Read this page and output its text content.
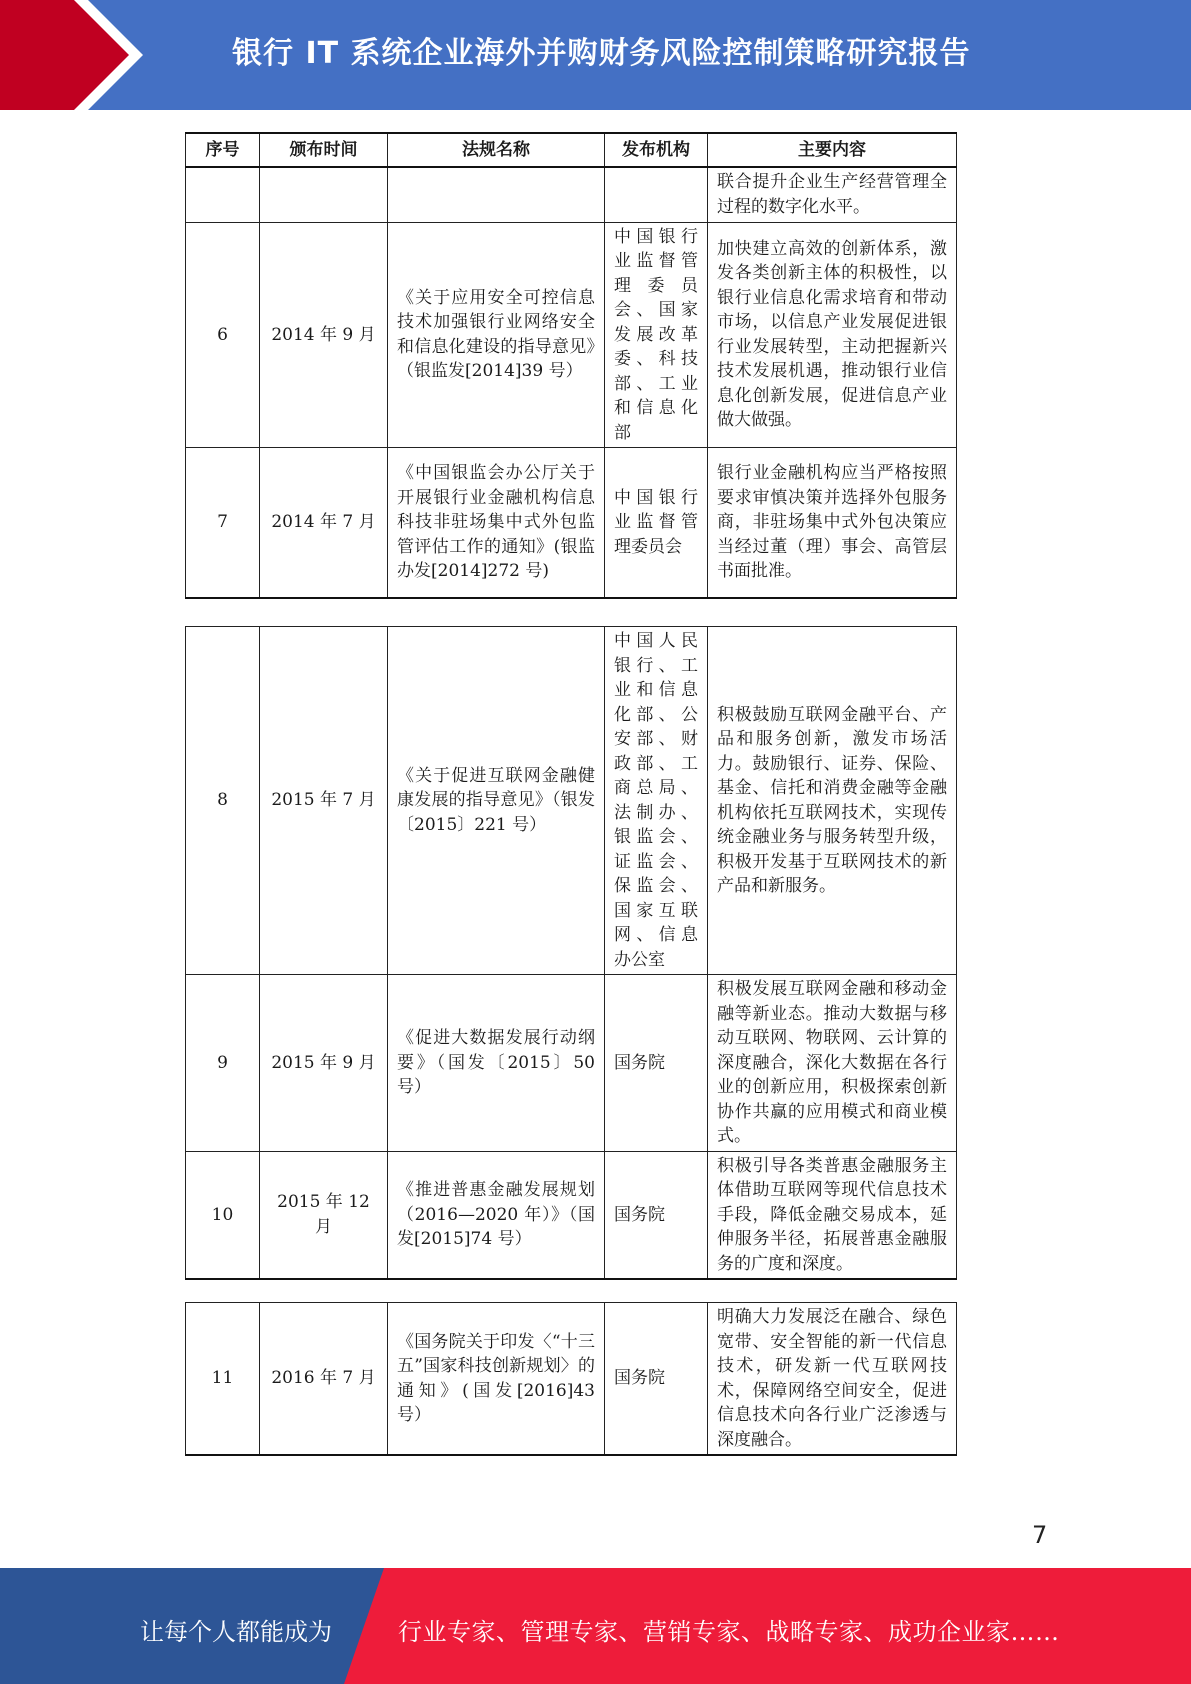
银行 IT 系统企业海外并购财务风险控制策略研究报告
序号	颁布时间	法规名称	发布机构	主要内容
				联合提升企业生产经营管理全过程的数字化水平。
6	2014 年 9 月	《关于应用安全可控信息技术加强银行业网络安全和信息化建设的指导意见》（银监发[2014]39 号）	中国银行业监督管理委员会、国家发展改革委、科技部、工业和信息化部	加快建立高效的创新体系，激发各类创新主体的积极性，以银行业信息化需求培育和带动市场，以信息产业发展促进银行业发展转型，主动把握新兴技术发展机遇，推动银行业信息化创新发展，促进信息产业做大做强。
7	2014 年 7 月	《中国银监会办公厅关于开展银行业金融机构信息科技非驻场集中式外包监管评估工作的通知》(银监办发[2014]272 号)	中国银行业监督管理委员会	银行业金融机构应当严格按照要求审慎决策并选择外包服务商，非驻场集中式外包决策应当经过董（理）事会、高管层书面批准。
8	2015 年 7 月	《关于促进互联网金融健康发展的指导意见》（银发〔2015〕221 号）	中国人民银行、工业和信息化部、公安部、财政部、工商总局、法制办、银监会、证监会、保监会、国家互联网、信息办公室	积极鼓励互联网金融平台、产品和服务创新，激发市场活力。鼓励银行、证券、保险、基金、信托和消费金融等金融机构依托互联网技术，实现传统金融业务与服务转型升级，积极开发基于互联网技术的新产品和新服务。
9	2015 年 9 月	《促进大数据发展行动纲要》（国发〔2015〕50 号）	国务院	积极发展互联网金融和移动金融等新业态。推动大数据与移动互联网、物联网、云计算的深度融合，深化大数据在各行业的创新应用，积极探索创新协作共赢的应用模式和商业模式。
10	2015 年 12 月	《推进普惠金融发展规划（2016—2020 年）》（国发[2015]74 号）	国务院	积极引导各类普惠金融服务主体借助互联网等现代信息技术手段，降低金融交易成本，延伸服务半径，拓展普惠金融服务的广度和深度。
11	2016 年 7 月	《国务院关于印发〈“十三五”国家科技创新规划〉的通知》(国发[2016]43 号）	国务院	明确大力发展泛在融合、绿色宽带、安全智能的新一代信息技术，研发新一代互联网技术，保障网络空间安全，促进信息技术向各行业广泛渗透与深度融合。
7
让每个人都能成为	行业专家、管理专家、营销专家、战略专家、成功企业家……
